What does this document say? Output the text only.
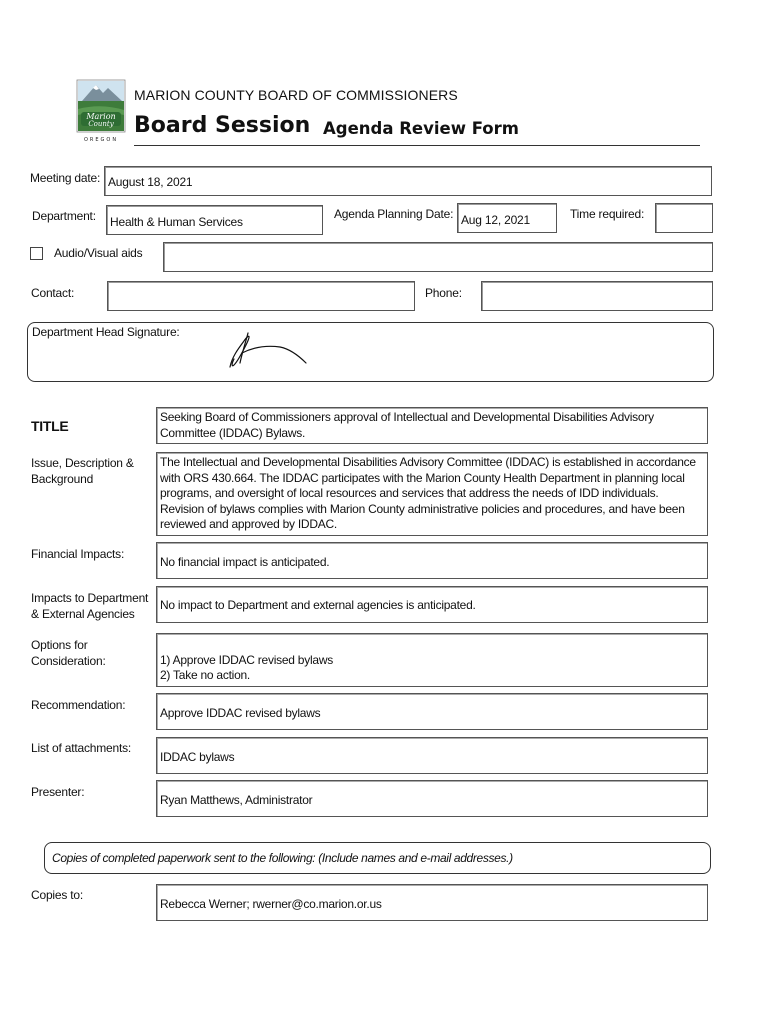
Marion
County
OREGON
MARION COUNTY BOARD OF COMMISSIONERS
Board Session Agenda Review Form
Meeting date: August 18, 2021
Department: Health & Human Services
Agenda Planning Date: Aug 12, 2021	Time required:
Audio/Visual aids
Contact:	Phone:
Department Head Signature:
TITLE
Seeking Board of Commissioners approval of Intellectual and Developmental Disabilities Advisory Committee (IDDAC) Bylaws.
Issue, Description &
Background
The Intellectual and Developmental Disabilities Advisory Committee (IDDAC) is established in accordance with ORS 430.664. The IDDAC participates with the Marion County Health Department in planning local programs, and oversight of local resources and services that address the needs of IDD individuals. Revision of bylaws complies with Marion County administrative policies and procedures, and have been reviewed and approved by IDDAC.
Financial Impacts:
No financial impact is anticipated.
Impacts to Department
& External Agencies
No impact to Department and external agencies is anticipated.
Options for
Consideration:	1) Approve IDDAC revised bylaws
2) Take no action.
Recommendation:
Approve IDDAC revised bylaws
List of attachments:
IDDAC bylaws
Presenter:
Ryan Matthews, Administrator
Copies of completed paperwork sent to the following: (Include names and e-mail addresses.)
Copies to:
Rebecca Werner; rwerner@co.marion.or.us
